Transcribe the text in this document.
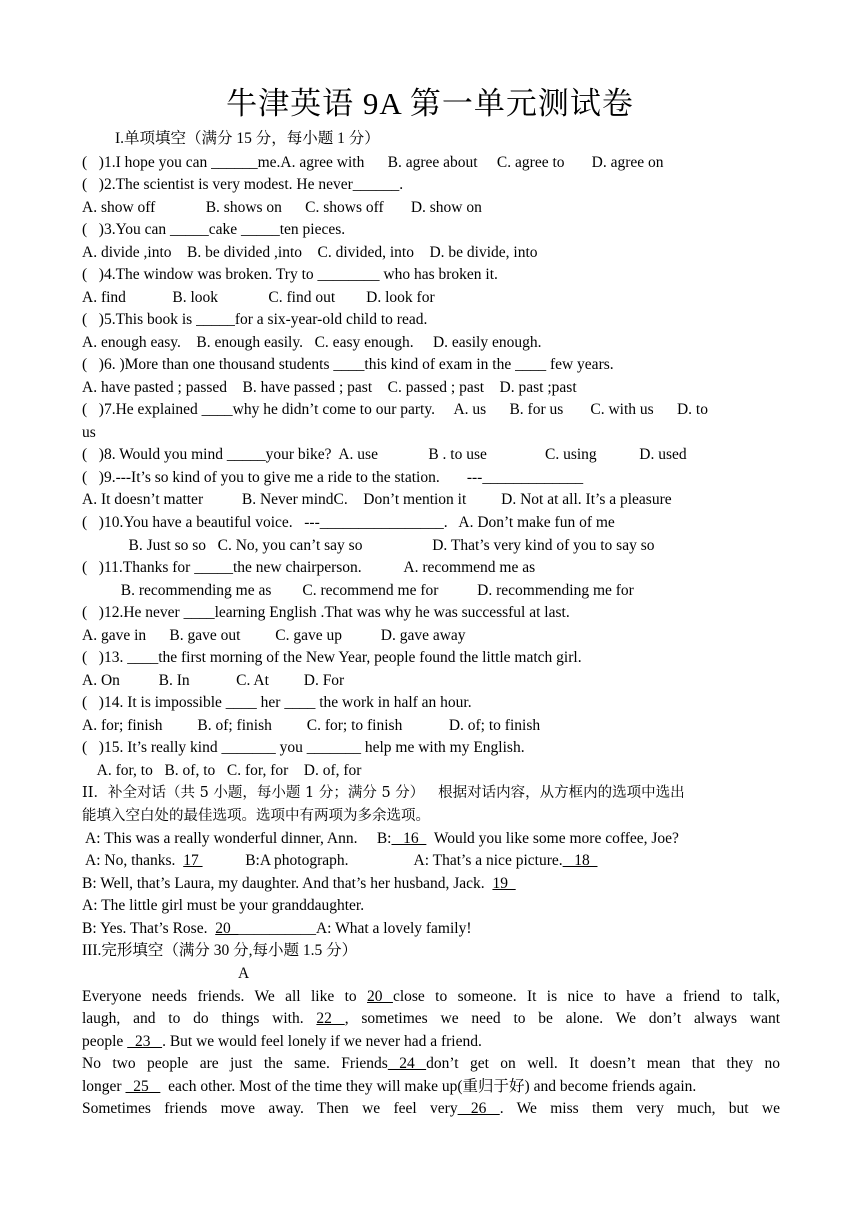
牛津英语 9A 第一单元测试卷
I.单项填空（满分 15 分，每小题 1 分）
(   )1.I hope you can ______me.A. agree with      B. agree about     C. agree to       D. agree on
(   )2.The scientist is very modest. He never______.
A. show off             B. shows on      C. shows off       D. show on
(   )3.You can _____cake _____ten pieces.
A. divide ,into    B. be divided ,into    C. divided, into    D. be divide, into
(   )4.The window was broken. Try to ________ who has broken it.
A. find            B. look             C. find out        D. look for
(   )5.This book is _____for a six-year-old child to read.
A. enough easy.    B. enough easily.   C. easy enough.     D. easily enough.
(   )6. )More than one thousand students ____this kind of exam in the ____ few years.
A. have pasted ; passed    B. have passed ; past    C. passed ; past    D. past ;past
(   )7.He explained ____why he didn’t come to our party.     A. us      B. for us       C. with us      D. to
us
(   )8. Would you mind _____your bike?  A. use             B . to use               C. using           D. used
(   )9.---It’s so kind of you to give me a ride to the station.       ---_____________
A. It doesn’t matter          B. Never mindC.    Don’t mention it         D. Not at all. It’s a pleasure
(   )10.You have a beautiful voice.   ---________________.   A. Don’t make fun of me
B. Just so so   C. No, you can’t say so                  D. That’s very kind of you to say so
(   )11.Thanks for _____the new chairperson.           A. recommend me as
B. recommending me as        C. recommend me for          D. recommending me for
(   )12.He never ____learning English .That was why he was successful at last.
A. gave in      B. gave out         C. gave up          D. gave away
(   )13. ____the first morning of the New Year, people found the little match girl.
A. On          B. In            C. At         D. For
(   )14. It is impossible ____ her ____ the work in half an hour.
A. for; finish         B. of; finish         C. for; to finish            D. of; to finish
(   )15. It’s really kind _______ you _______ help me with my English.
A. for, to   B. of, to   C. for, for    D. of, for
II．补全对话（共 5 小题，每小题 1 分；满分 5 分）   根据对话内容，从方框内的选项中选出
能填入空白处的最佳选项。选项中有两项为多余选项。
A: This was a really wonderful dinner, Ann.     B:   16    Would you like some more coffee, Joe?
A: No, thanks.  17            B:A photograph.                 A: That’s a nice picture.   18
B: Well, that’s Laura, my daughter. And that’s her husband, Jack.  19
A: The little girl must be your granddaughter.
B: Yes. That’s Rose.  20  __________A: What a lovely family!
III.完形填空（满分 30 分,每小题 1.5 分）
A
Everyone needs friends. We all like to 20 close to someone. It is nice to have a friend to talk,
laugh, and to do things with. 22 , sometimes we need to be alone. We don’t always want
people   23   . But we would feel lonely if we never had a friend.
No two people are just the same. Friends 24 don’t get on well. It doesn’t mean that they no
longer   25     each other. Most of the time they will make up(重归于好) and become friends again.
Sometimes friends move away. Then we feel very 26 . We miss them very much, but we
